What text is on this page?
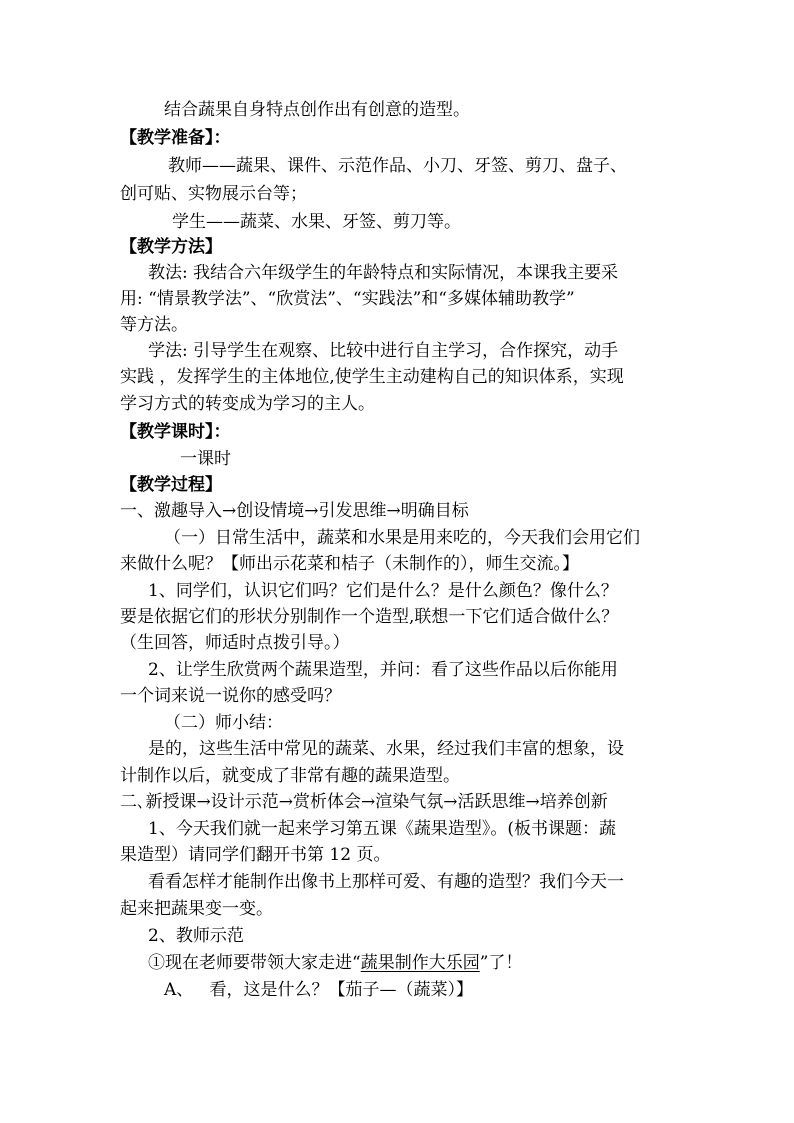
结合蔬果自身特点创作出有创意的造型。
【教学准备】：
教师——蔬果、课件、示范作品、小刀、牙签、剪刀、盘子、
创可贴、实物展示台等；
学生——蔬菜、水果、牙签、剪刀等。
【教学方法】
教法: 我结合六年级学生的年龄特点和实际情况，本课我主要采
用: “情景教学法”、“欣赏法”、“实践法”和“多媒体辅助教学”
等方法。
学法: 引导学生在观察、比较中进行自主学习，合作探究，动手
实践 ，发挥学生的主体地位,使学生主动建构自己的知识体系，实现
学习方式的转变成为学习的主人。
【教学课时】：
一课时
【教学过程】
一、激趣导入→创设情境→引发思维→明确目标
（一）日常生活中，蔬菜和水果是用来吃的，今天我们会用它们
来做什么呢？【师出示花菜和桔子（未制作的），师生交流。】
1、同学们，认识它们吗？它们是什么？是什么颜色？像什么？
要是依据它们的形状分别制作一个造型,联想一下它们适合做什么？
（生回答，师适时点拨引导。）
2、让学生欣赏两个蔬果造型，并问：看了这些作品以后你能用
一个词来说一说你的感受吗？
（二）师小结：
是的，这些生活中常见的蔬菜、水果，经过我们丰富的想象，设
计制作以后，就变成了非常有趣的蔬果造型。
二､新授课→设计示范→赏析体会→渲染气氛→活跃思维→培养创新
1、今天我们就一起来学习第五课《蔬果造型》。(板书课题：蔬
果造型）请同学们翻开书第 12 页。
看看怎样才能制作出像书上那样可爱、有趣的造型？我们今天一
起来把蔬果变一变。
2、教师示范
①现在老师要带领大家走进“蔬果制作大乐园”了！
A、   看，这是什么？【茄子—（蔬菜）】
